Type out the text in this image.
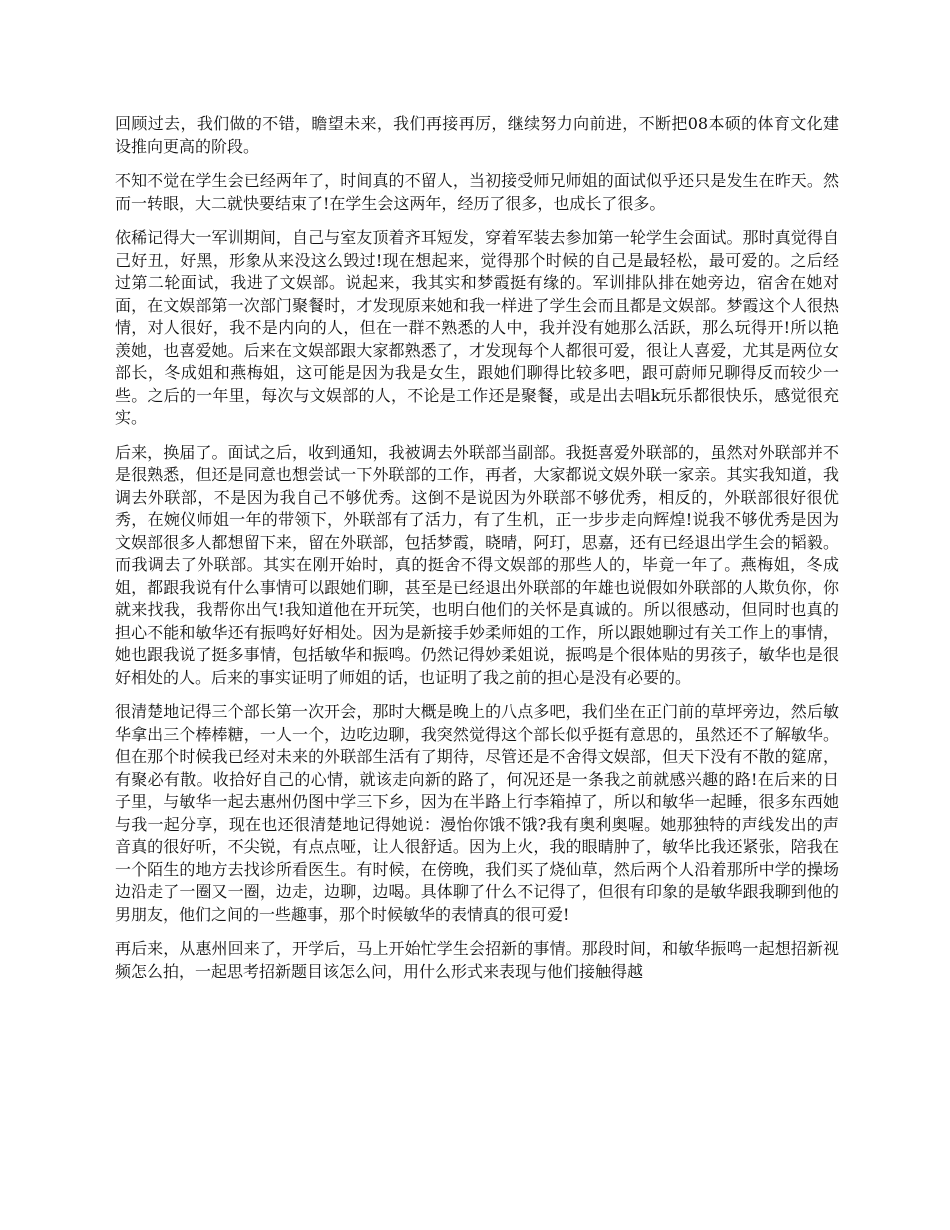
回顾过去，我们做的不错，瞻望未来，我们再接再厉，继续努力向前进，不断把08本硕的体育文化建设推向更高的阶段。

不知不觉在学生会已经两年了，时间真的不留人，当初接受师兄师姐的面试似乎还只是发生在昨天。然而一转眼，大二就快要结束了!在学生会这两年，经历了很多，也成长了很多。

依稀记得大一军训期间，自己与室友顶着齐耳短发，穿着军装去参加第一轮学生会面试。那时真觉得自己好丑，好黑，形象从来没这么毁过!现在想起来，觉得那个时候的自己是最轻松，最可爱的。之后经过第二轮面试，我进了文娱部。说起来，我其实和梦霞挺有缘的。军训排队排在她旁边，宿舍在她对面，在文娱部第一次部门聚餐时，才发现原来她和我一样进了学生会而且都是文娱部。梦霞这个人很热情，对人很好，我不是内向的人，但在一群不熟悉的人中，我并没有她那么活跃，那么玩得开!所以艳羡她，也喜爱她。后来在文娱部跟大家都熟悉了，才发现每个人都很可爱，很让人喜爱，尤其是两位女部长，冬成姐和燕梅姐，这可能是因为我是女生，跟她们聊得比较多吧，跟可蔚师兄聊得反而较少一些。之后的一年里，每次与文娱部的人，不论是工作还是聚餐，或是出去唱k玩乐都很快乐，感觉很充实。

后来，换届了。面试之后，收到通知，我被调去外联部当副部。我挺喜爱外联部的，虽然对外联部并不是很熟悉，但还是同意也想尝试一下外联部的工作，再者，大家都说文娱外联一家亲。其实我知道，我调去外联部，不是因为我自己不够优秀。这倒不是说因为外联部不够优秀，相反的，外联部很好很优秀，在婉仪师姐一年的带领下，外联部有了活力，有了生机，正一步步走向辉煌!说我不够优秀是因为文娱部很多人都想留下来，留在外联部，包括梦霞，晓晴，阿玎，思嘉，还有已经退出学生会的韬毅。而我调去了外联部。其实在刚开始时，真的挺舍不得文娱部的那些人的，毕竟一年了。燕梅姐，冬成姐，都跟我说有什么事情可以跟她们聊，甚至是已经退出外联部的年雄也说假如外联部的人欺负你，你就来找我，我帮你出气!我知道他在开玩笑，也明白他们的关怀是真诚的。所以很感动，但同时也真的担心不能和敏华还有振鸣好好相处。因为是新接手妙柔师姐的工作，所以跟她聊过有关工作上的事情，她也跟我说了挺多事情，包括敏华和振鸣。仍然记得妙柔姐说，振鸣是个很体贴的男孩子，敏华也是很好相处的人。后来的事实证明了师姐的话，也证明了我之前的担心是没有必要的。

很清楚地记得三个部长第一次开会，那时大概是晚上的八点多吧，我们坐在正门前的草坪旁边，然后敏华拿出三个棒棒糖，一人一个，边吃边聊，我突然觉得这个部长似乎挺有意思的，虽然还不了解敏华。但在那个时候我已经对未来的外联部生活有了期待，尽管还是不舍得文娱部，但天下没有不散的筵席，有聚必有散。收拾好自己的心情，就该走向新的路了，何况还是一条我之前就感兴趣的路!在后来的日子里，与敏华一起去惠州仍图中学三下乡，因为在半路上行李箱掉了，所以和敏华一起睡，很多东西她与我一起分享，现在也还很清楚地记得她说：漫怡你饿不饿?我有奥利奥喔。她那独特的声线发出的声音真的很好听，不尖锐，有点点哑，让人很舒适。因为上火，我的眼睛肿了，敏华比我还紧张，陪我在一个陌生的地方去找诊所看医生。有时候，在傍晚，我们买了烧仙草，然后两个人沿着那所中学的操场边沿走了一圈又一圈，边走，边聊，边喝。具体聊了什么不记得了，但很有印象的是敏华跟我聊到他的男朋友，他们之间的一些趣事，那个时候敏华的表情真的很可爱!

再后来，从惠州回来了，开学后，马上开始忙学生会招新的事情。那段时间，和敏华振鸣一起想招新视频怎么拍，一起思考招新题目该怎么问，用什么形式来表现与他们接触得越
